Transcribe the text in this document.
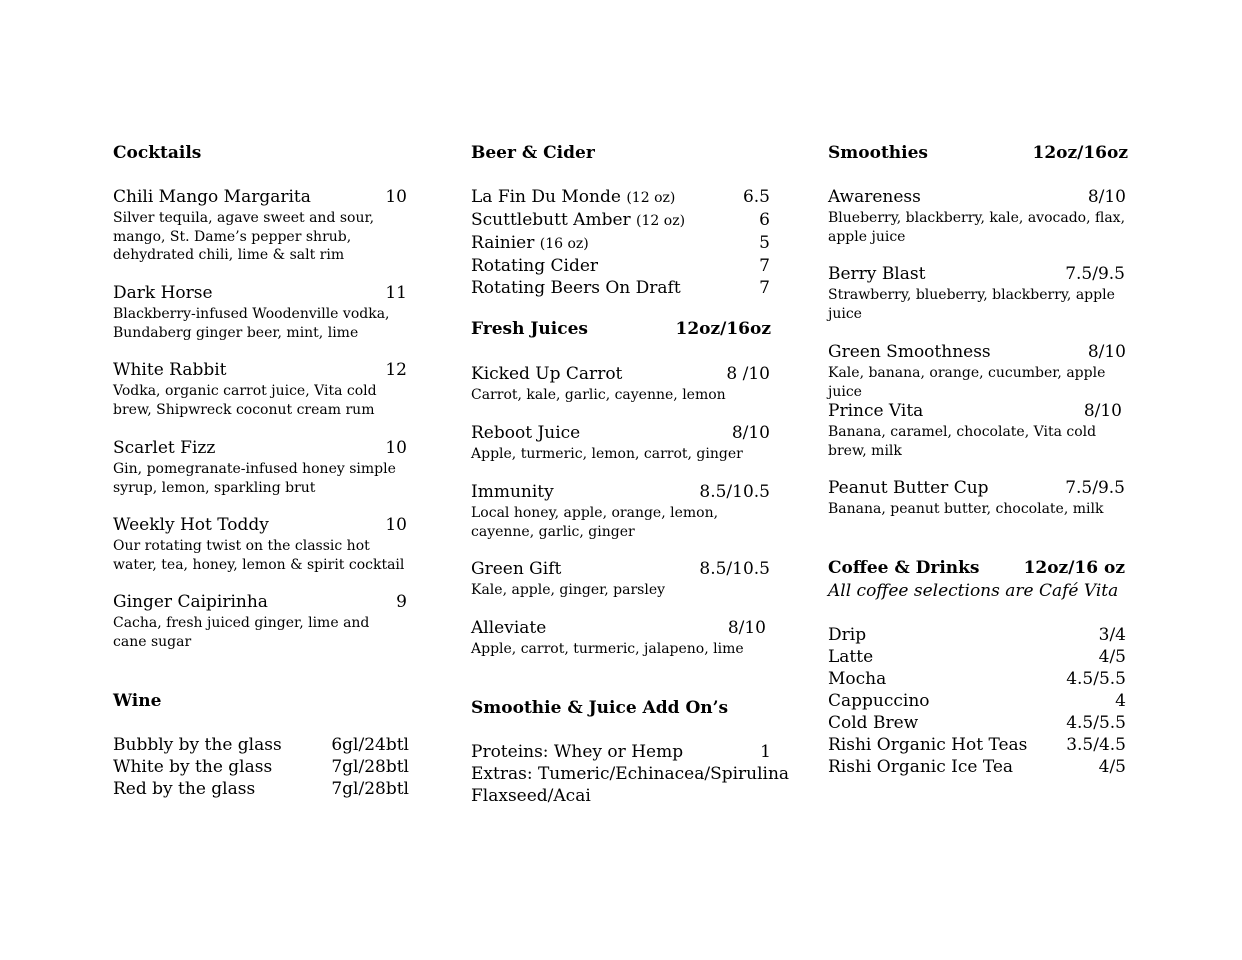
Cocktails
Chili Mango Margarita	10
Silver tequila, agave sweet and sour, mango, St. Dame’s pepper shrub, dehydrated chili, lime & salt rim
Dark Horse	11
Blackberry-infused Woodenville vodka, Bundaberg ginger beer, mint, lime
White Rabbit	12
Vodka, organic carrot juice, Vita cold brew, Shipwreck coconut cream rum
Scarlet Fizz	10
Gin, pomegranate-infused honey simple syrup, lemon, sparkling brut
Weekly Hot Toddy	10
Our rotating twist on the classic hot water, tea, honey, lemon & spirit cocktail
Ginger Caipirinha	9
Cacha, fresh juiced ginger, lime and cane sugar
Wine
Bubbly by the glass	6gl/24btl
White by the glass	7gl/28btl
Red by the glass	7gl/28btl
Beer & Cider
La Fin Du Monde (12 oz)	6.5
Scuttlebutt Amber (12 oz)	6
Rainier (16 oz)	5
Rotating Cider	7
Rotating Beers On Draft	7
Fresh Juices	12oz/16oz
Kicked Up Carrot	8 /10
Carrot, kale, garlic, cayenne, lemon
Reboot Juice	8/10
Apple, turmeric, lemon, carrot, ginger
Immunity	8.5/10.5
Local honey, apple, orange, lemon, cayenne, garlic, ginger
Green Gift	8.5/10.5
Kale, apple, ginger, parsley
Alleviate	8/10
Apple, carrot, turmeric, jalapeno, lime
Smoothie & Juice Add On’s
Proteins: Whey or Hemp	1
Extras: Tumeric/Echinacea/Spirulina
Flaxseed/Acai
Smoothies	12oz/16oz
Awareness	8/10
Blueberry, blackberry, kale, avocado, flax, apple juice
Berry Blast	7.5/9.5
Strawberry, blueberry, blackberry, apple juice
Green Smoothness	8/10
Kale, banana, orange, cucumber, apple juice
Prince Vita	8/10
Banana, caramel, chocolate, Vita cold brew, milk
Peanut Butter Cup	7.5/9.5
Banana, peanut butter, chocolate, milk
Coffee & Drinks	12oz/16 oz
All coffee selections are Café Vita
Drip	3/4
Latte	4/5
Mocha	4.5/5.5
Cappuccino	4
Cold Brew	4.5/5.5
Rishi Organic Hot Teas 3.5/4.5
Rishi Organic Ice Tea	4/5
